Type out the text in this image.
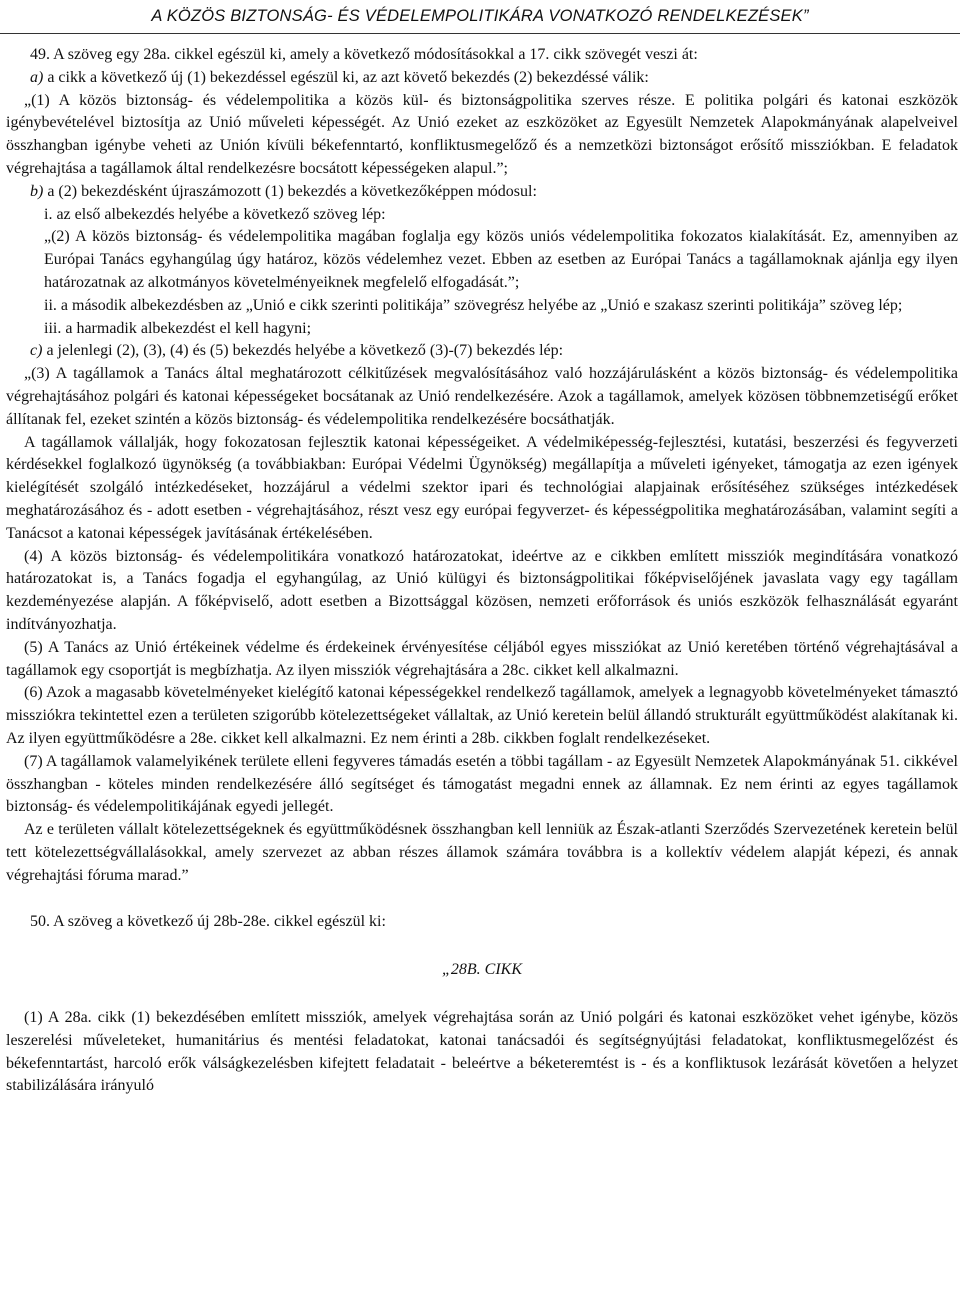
A KÖZÖS BIZTONSÁG- ÉS VÉDELEMPOLITIKÁRA VONATKOZÓ RENDELKEZÉSEK”

49. A szöveg egy 28a. cikkel egészül ki, amely a következő módosításokkal a 17. cikk szövegét veszi át:

a) a cikk a következő új (1) bekezdéssel egészül ki, az azt követő bekezdés (2) bekezdéssé válik:

„(1) A közös biztonság- és védelempolitika a közös kül- és biztonságpolitika szerves része. E politika polgári és katonai eszközök igénybevételével biztosítja az Unió műveleti képességét. Az Unió ezeket az eszközöket az Egyesült Nemzetek Alapokmányának alapelveivel összhangban igénybe veheti az Unión kívüli békefenntartó, konfliktusmegelőző és a nemzetközi biztonságot erősítő missziókban. E feladatok végrehajtása a tagállamok által rendelkezésre bocsátott képességeken alapul.”;

b) a (2) bekezdésként újraszámozott (1) bekezdés a következőképpen módosul:

i. az első albekezdés helyébe a következő szöveg lép:

„(2) A közös biztonság- és védelempolitika magában foglalja egy közös uniós védelempolitika fokozatos kialakítását. Ez, amennyiben az Európai Tanács egyhangúlag úgy határoz, közös védelemhez vezet. Ebben az esetben az Európai Tanács a tagállamoknak ajánlja egy ilyen határozatnak az alkotmányos követelményeiknek megfelelő elfogadását.”;

ii. a második albekezdésben az „Unió e cikk szerinti politikája” szövegrész helyébe az „Unió e szakasz szerinti politikája” szöveg lép;

iii. a harmadik albekezdést el kell hagyni;

c) a jelenlegi (2), (3), (4) és (5) bekezdés helyébe a következő (3)-(7) bekezdés lép:

„(3) A tagállamok a Tanács által meghatározott célkitűzések megvalósításához való hozzájárulásként a közös biztonság- és védelempolitika végrehajtásához polgári és katonai képességeket bocsátanak az Unió rendelkezésére. Azok a tagállamok, amelyek közösen többnemzetiségű erőket állítanak fel, ezeket szintén a közös biztonság- és védelempolitika rendelkezésére bocsáthatják.

A tagállamok vállalják, hogy fokozatosan fejlesztik katonai képességeiket. A védelmiképesség-fejlesztési, kutatási, beszerzési és fegyverzeti kérdésekkel foglalkozó ügynökség (a továbbiakban: Európai Védelmi Ügynökség) megállapítja a műveleti igényeket, támogatja az ezen igények kielégítését szolgáló intézkedéseket, hozzájárul a védelmi szektor ipari és technológiai alapjainak erősítéséhez szükséges intézkedések meghatározásához és - adott esetben - végrehajtásához, részt vesz egy európai fegyverzet- és képességpolitika meghatározásában, valamint segíti a Tanácsot a katonai képességek javításának értékelésében.

(4) A közös biztonság- és védelempolitikára vonatkozó határozatokat, ideértve az e cikkben említett missziók megindítására vonatkozó határozatokat is, a Tanács fogadja el egyhangúlag, az Unió külügyi és biztonságpolitikai főképviselőjének javaslata vagy egy tagállam kezdeményezése alapján. A főképviselő, adott esetben a Bizottsággal közösen, nemzeti erőforrások és uniós eszközök felhasználását egyaránt indítványozhatja.

(5) A Tanács az Unió értékeinek védelme és érdekeinek érvényesítése céljából egyes missziókat az Unió keretében történő végrehajtásával a tagállamok egy csoportját is megbízhatja. Az ilyen missziók végrehajtására a 28c. cikket kell alkalmazni.

(6) Azok a magasabb követelményeket kielégítő katonai képességekkel rendelkező tagállamok, amelyek a legnagyobb követelményeket támasztó missziókra tekintettel ezen a területen szigorúbb kötelezettségeket vállaltak, az Unió keretein belül állandó strukturált együttműködést alakítanak ki. Az ilyen együttműködésre a 28e. cikket kell alkalmazni. Ez nem érinti a 28b. cikkben foglalt rendelkezéseket.

(7) A tagállamok valamelyikének területe elleni fegyveres támadás esetén a többi tagállam - az Egyesült Nemzetek Alapokmányának 51. cikkével összhangban - köteles minden rendelkezésére álló segítséget és támogatást megadni ennek az államnak. Ez nem érinti az egyes tagállamok biztonság- és védelempolitikájának egyedi jellegét.

Az e területen vállalt kötelezettségeknek és együttműködésnek összhangban kell lenniük az Észak-atlanti Szerződés Szervezetének keretein belül tett kötelezettségvállalásokkal, amely szervezet az abban részes államok számára továbbra is a kollektív védelem alapját képezi, és annak végrehajtási fóruma marad.”

50. A szöveg a következő új 28b-28e. cikkel egészül ki:

„28B. CIKK

(1) A 28a. cikk (1) bekezdésében említett missziók, amelyek végrehajtása során az Unió polgári és katonai eszközöket vehet igénybe, közös leszerelési műveleteket, humanitárius és mentési feladatokat, katonai tanácsadói és segítségnyújtási feladatokat, konfliktusmegelőzést és békefenntartást, harcoló erők válságkezelésben kifejtett feladatait - beleértve a béketeremtést is - és a konfliktusok lezárását követően a helyzet stabilizálására irányuló
